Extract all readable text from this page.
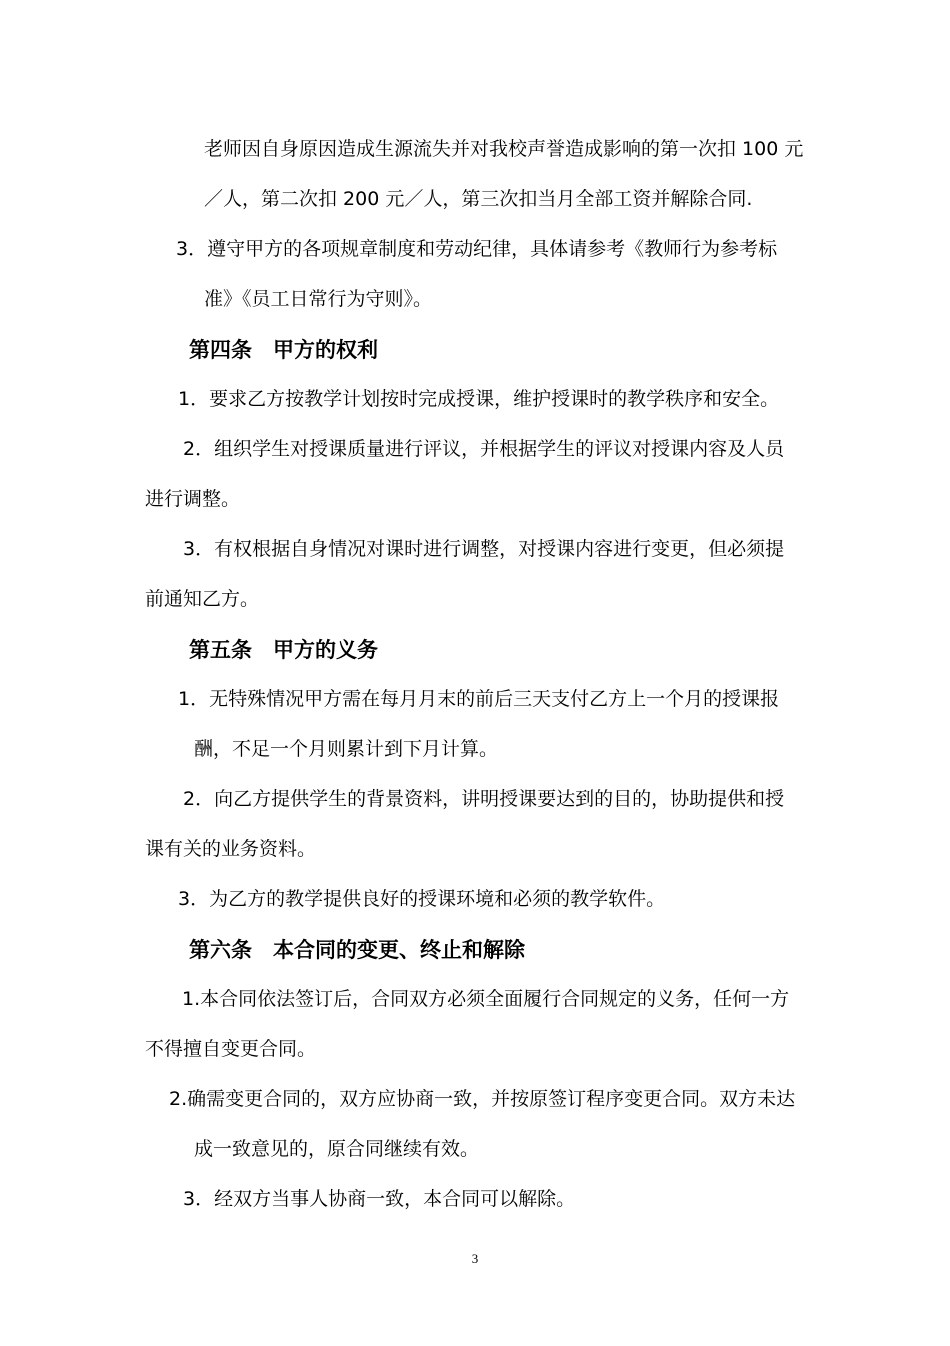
老师因自身原因造成生源流失并对我校声誉造成影响的第一次扣 100 元

／人，第二次扣 200 元／人，第三次扣当月全部工资并解除合同.

3．遵守甲方的各项规章制度和劳动纪律，具体请参考《教师行为参考标

准》《员工日常行为守则》。

第四条　甲方的权利

1．要求乙方按教学计划按时完成授课，维护授课时的教学秩序和安全。

2．组织学生对授课质量进行评议，并根据学生的评议对授课内容及人员

进行调整。

3．有权根据自身情况对课时进行调整，对授课内容进行变更，但必须提

前通知乙方。

第五条　甲方的义务

1．无特殊情况甲方需在每月月末的前后三天支付乙方上一个月的授课报

酬，不足一个月则累计到下月计算。

2．向乙方提供学生的背景资料，讲明授课要达到的目的，协助提供和授

课有关的业务资料。

3．为乙方的教学提供良好的授课环境和必须的教学软件。

第六条　本合同的变更、终止和解除

1.本合同依法签订后，合同双方必须全面履行合同规定的义务，任何一方

不得擅自变更合同。

2.确需变更合同的，双方应协商一致，并按原签订程序变更合同。双方未达

成一致意见的，原合同继续有效。

3．经双方当事人协商一致，本合同可以解除。

3
